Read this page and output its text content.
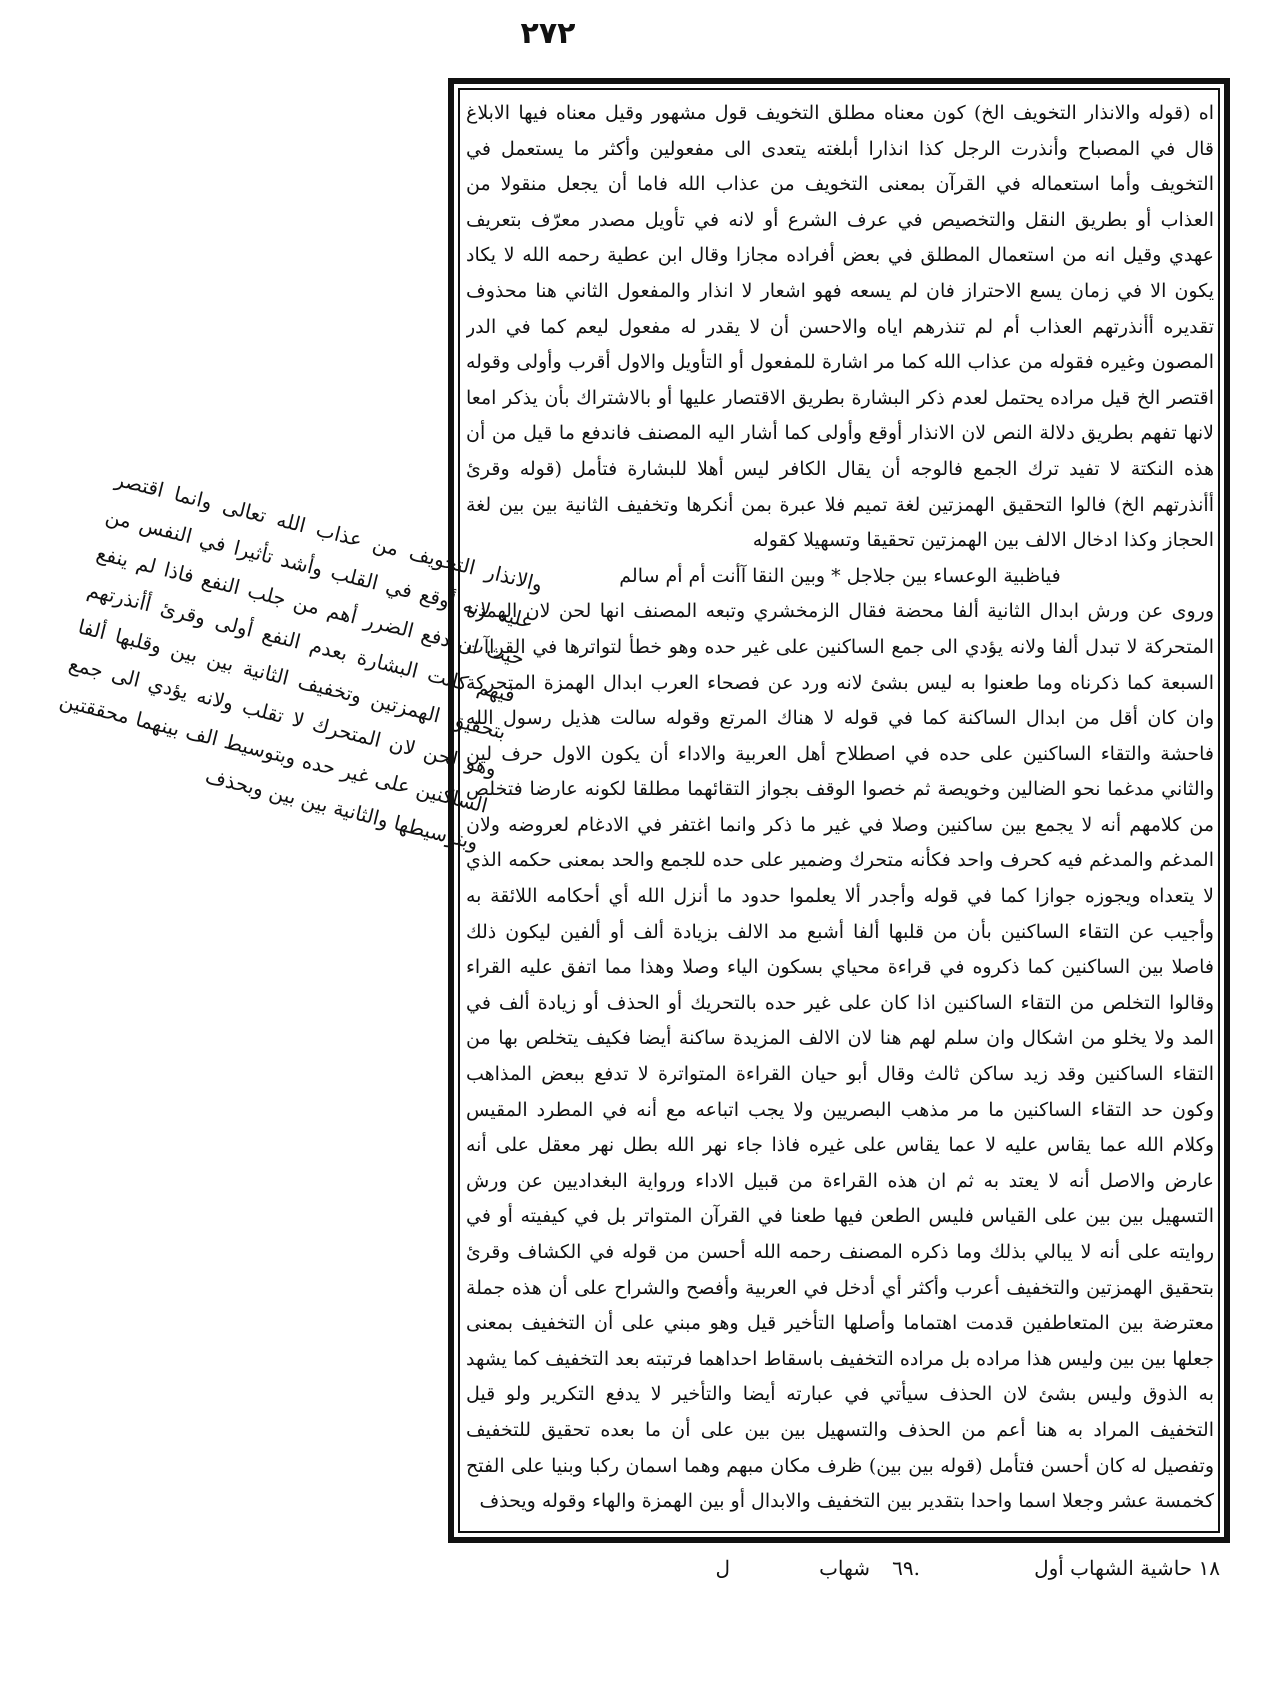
٢٧٢

اه (قوله والانذار التخويف الخ) كون معناه مطلق التخويف قول مشهور وقيل معناه فيها الابلاغ قال في المصباح وأنذرت الرجل كذا انذارا أبلغته يتعدى الى مفعولين وأكثر ما يستعمل في التخويف وأما استعماله في القرآن بمعنى التخويف من عذاب الله فاما أن يجعل منقولا من العذاب أو بطريق النقل والتخصيص في عرف الشرع أو لانه في تأويل مصدر معرّف بتعريف عهدي وقيل انه من استعمال المطلق في بعض أفراده مجازا وقال ابن عطية رحمه الله لا يكاد يكون الا في زمان يسع الاحتراز فان لم يسعه فهو اشعار لا انذار والمفعول الثاني هنا محذوف تقديره أأنذرتهم العذاب أم لم تنذرهم اياه والاحسن أن لا يقدر له مفعول ليعم كما في الدر المصون وغيره فقوله من عذاب الله كما مر اشارة للمفعول أو التأويل والاول أقرب وأولى وقوله اقتصر الخ قيل مراده يحتمل لعدم ذكر البشارة بطريق الاقتصار عليها أو بالاشتراك بأن يذكر امعا لانها تفهم بطريق دلالة النص لان الانذار أوقع وأولى كما أشار اليه المصنف فاندفع ما قيل من أن هذه النكتة لا تفيد ترك الجمع فالوجه أن يقال الكافر ليس أهلا للبشارة فتأمل (قوله وقرئ أأنذرتهم الخ) فالوا التحقيق الهمزتين لغة تميم فلا عبرة بمن أنكرها وتخفيف الثانية بين بين لغة الحجاز وكذا ادخال الالف بين الهمزتين تحقيقا وتسهيلا كقوله

فياظبية الوعساء بين جلاجل * وبين النقا آأنت أم أم سالم

وروى عن ورش ابدال الثانية ألفا محضة فقال الزمخشري وتبعه المصنف انها لحن لان الهمزة المتحركة لا تبدل ألفا ولانه يؤدي الى جمع الساكنين على غير حده وهو خطأ لتواترها في القراآت السبعة كما ذكرناه وما طعنوا به ليس بشئ لانه ورد عن فصحاء العرب ابدال الهمزة المتحركة وان كان أقل من ابدال الساكنة كما في قوله لا هناك المرتع وقوله سالت هذيل رسول الله فاحشة والتقاء الساكنين على حده في اصطلاح أهل العربية والاداء أن يكون الاول حرف لين والثاني مدغما نحو الضالين وخويصة ثم خصوا الوقف بجواز التقائهما مطلقا لكونه عارضا فتخلص من كلامهم أنه لا يجمع بين ساكنين وصلا في غير ما ذكر وانما اغتفر في الادغام لعروضه ولان المدغم والمدغم فيه كحرف واحد فكأنه متحرك وضمير على حده للجمع والحد بمعنى حكمه الذي لا يتعداه ويجوزه جوازا كما في قوله وأجدر ألا يعلموا حدود ما أنزل الله أي أحكامه اللائقة به وأجيب عن التقاء الساكنين بأن من قلبها ألفا أشبع مد الالف بزيادة ألف أو ألفين ليكون ذلك فاصلا بين الساكنين كما ذكروه في قراءة محياي بسكون الياء وصلا وهذا مما اتفق عليه القراء وقالوا التخلص من التقاء الساكنين اذا كان على غير حده بالتحريك أو الحذف أو زيادة ألف في المد ولا يخلو من اشكال وان سلم لهم هنا لان الالف المزيدة ساكنة أيضا فكيف يتخلص بها من التقاء الساكنين وقد زيد ساكن ثالث وقال أبو حيان القراءة المتواترة لا تدفع ببعض المذاهب وكون حد التقاء الساكنين ما مر مذهب البصريين ولا يجب اتباعه مع أنه في المطرد المقيس وكلام الله عما يقاس عليه لا عما يقاس على غيره فاذا جاء نهر الله بطل نهر معقل على أنه عارض والاصل أنه لا يعتد به ثم ان هذه القراءة من قبيل الاداء ورواية البغداديين عن ورش التسهيل بين بين على القياس فليس الطعن فيها طعنا في القرآن المتواتر بل في كيفيته أو في روايته على أنه لا يبالي بذلك وما ذكره المصنف رحمه الله أحسن من قوله في الكشاف وقرئ بتحقيق الهمزتين والتخفيف أعرب وأكثر أي أدخل في العربية وأفصح والشراح على أن هذه جملة معترضة بين المتعاطفين قدمت اهتماما وأصلها التأخير قيل وهو مبني على أن التخفيف بمعنى جعلها بين بين وليس هذا مراده بل مراده التخفيف باسقاط احداهما فرتبته بعد التخفيف كما يشهد به الذوق وليس بشئ لان الحذف سيأتي في عبارته أيضا والتأخير لا يدفع التكرير ولو قيل التخفيف المراد به هنا أعم من الحذف والتسهيل بين بين على أن ما بعده تحقيق للتخفيف وتفصيل له كان أحسن فتأمل (قوله بين بين) ظرف مكان مبهم وهما اسمان ركبا وبنيا على الفتح كخمسة عشر وجعلا اسما واحدا بتقدير بين التخفيف والابدال أو بين الهمزة والهاء وقوله ويحذف

والانذار التخويف من عذاب الله تعالى وانما اقتصر عليه لانه أوقع في القلب وأشد تأثيرا في النفس من حيث ان دفع الضرر أهم من جلب النفع فاذا لم ينفع فيهم كانت البشارة بعدم النفع أولى وقرئ أأنذرتهم بتحقيق الهمزتين وتخفيف الثانية بين بين وقلبها ألفا وهو لحن لان المتحرك لا تقلب ولانه يؤدي الى جمع الساكنين على غير حده وبتوسيط الف بينهما محققتين وبتوسيطها والثانية بين بين وبحذف

١٨ حاشية الشهاب أول
شهاب .٦٩
ل
